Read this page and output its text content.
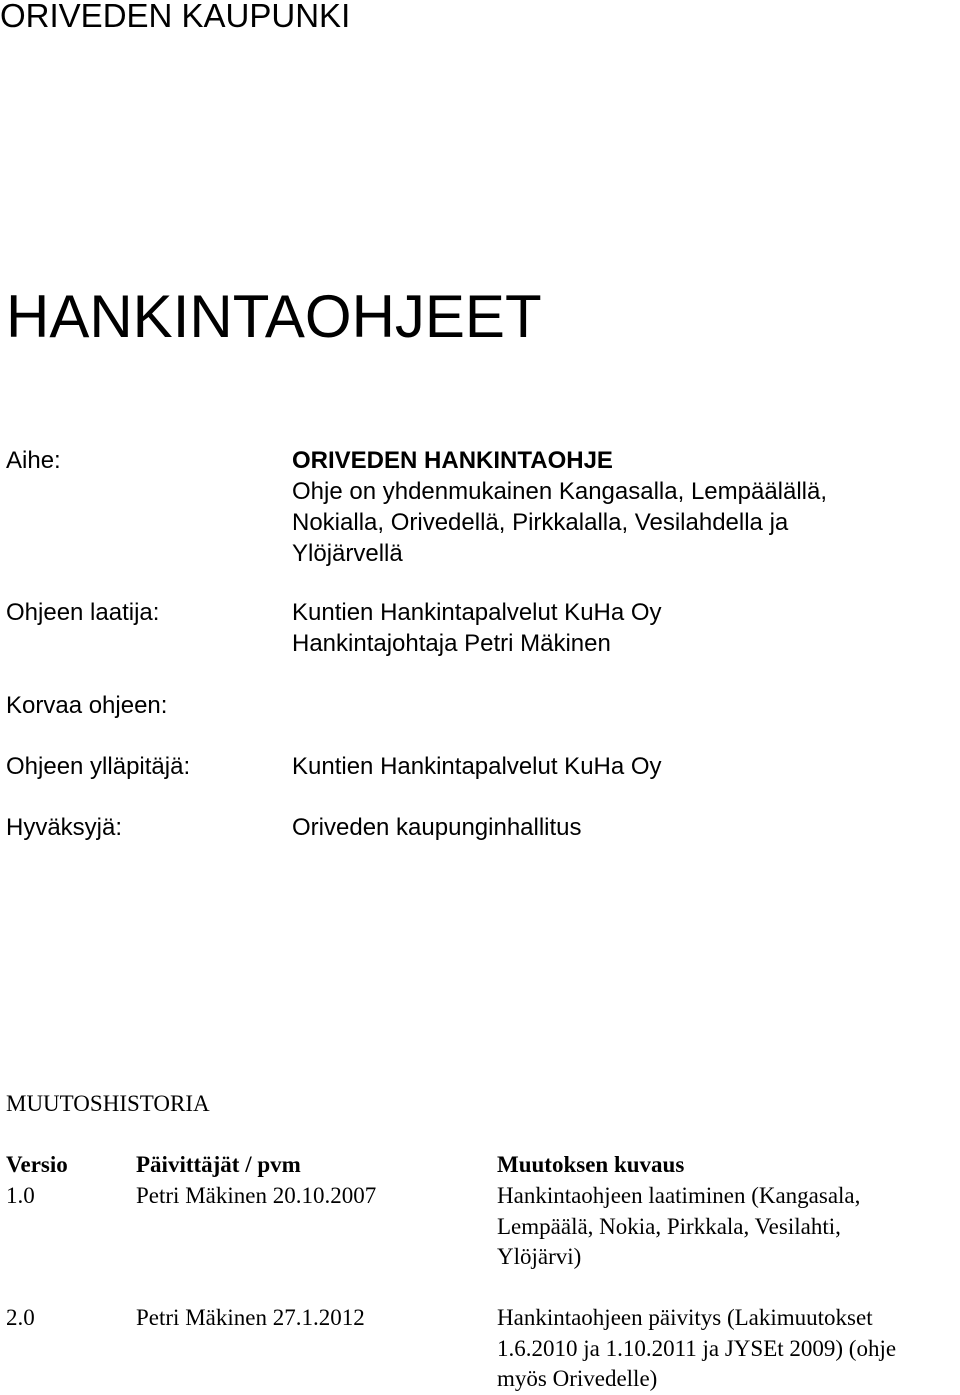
ORIVEDEN KAUPUNKI
HANKINTAOHJEET
Aihe:	ORIVEDEN HANKINTAOHJE
Ohje on yhdenmukainen Kangasalla, Lempäälällä,
Nokialla, Orivedellä, Pirkkalalla, Vesilahdella ja
Ylöjärvellä
Ohjeen laatija:	Kuntien Hankintapalvelut KuHa Oy
Hankintajohtaja Petri Mäkinen
Korvaa ohjeen:
Ohjeen ylläpitäjä:	Kuntien Hankintapalvelut KuHa Oy
Hyväksyjä:	Oriveden kaupunginhallitus
MUUTOSHISTORIA
Versio	Päivittäjät / pvm	Muutoksen kuvaus
1.0	Petri Mäkinen 20.10.2007	Hankintaohjeen laatiminen (Kangasala,
Lempäälä, Nokia, Pirkkala, Vesilahti,
Ylöjärvi)
2.0	Petri Mäkinen 27.1.2012	Hankintaohjeen päivitys (Lakimuutokset
1.6.2010 ja 1.10.2011 ja JYSEt 2009) (ohje
myös Orivedelle)
